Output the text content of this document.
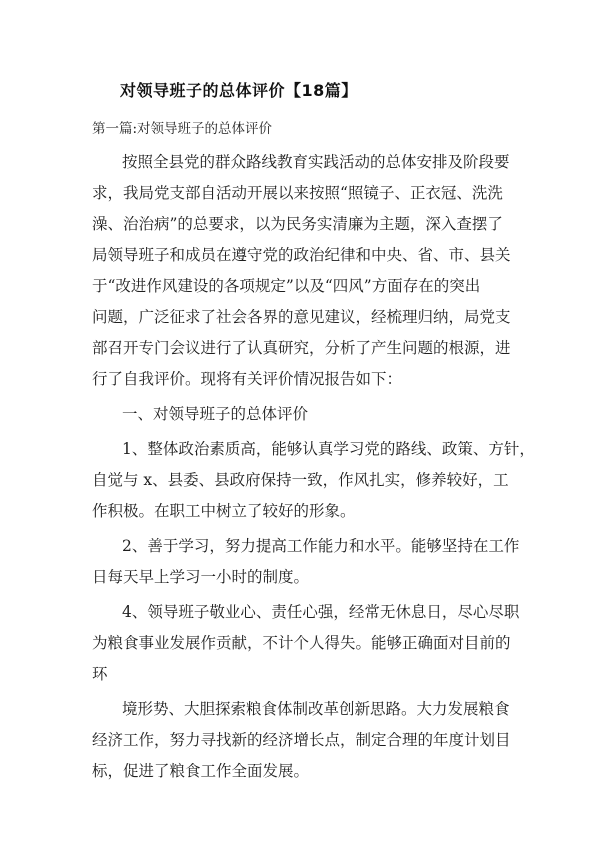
对领导班子的总体评价【18篇】
第一篇:对领导班子的总体评价
按照全县党的群众路线教育实践活动的总体安排及阶段要
求，我局党支部自活动开展以来按照“照镜子、正衣冠、洗洗
澡、治治病”的总要求，以为民务实清廉为主题，深入查摆了
局领导班子和成员在遵守党的政治纪律和中央、省、市、县关
于“改进作风建设的各项规定”以及“四风”方面存在的突出
问题，广泛征求了社会各界的意见建议，经梳理归纳，局党支
部召开专门会议进行了认真研究，分析了产生问题的根源，进
行了自我评价。现将有关评价情况报告如下：
一、对领导班子的总体评价
1、整体政治素质高，能够认真学习党的路线、政策、方针，
自觉与 x、县委、县政府保持一致，作风扎实，修养较好，工
作积极。在职工中树立了较好的形象。
2、善于学习，努力提高工作能力和水平。能够坚持在工作
日每天早上学习一小时的制度。
4、领导班子敬业心、责任心强，经常无休息日，尽心尽职
为粮食事业发展作贡献，不计个人得失。能够正确面对目前的
环
境形势、大胆探索粮食体制改革创新思路。大力发展粮食
经济工作，努力寻找新的经济增长点，制定合理的年度计划目
标，促进了粮食工作全面发展。
